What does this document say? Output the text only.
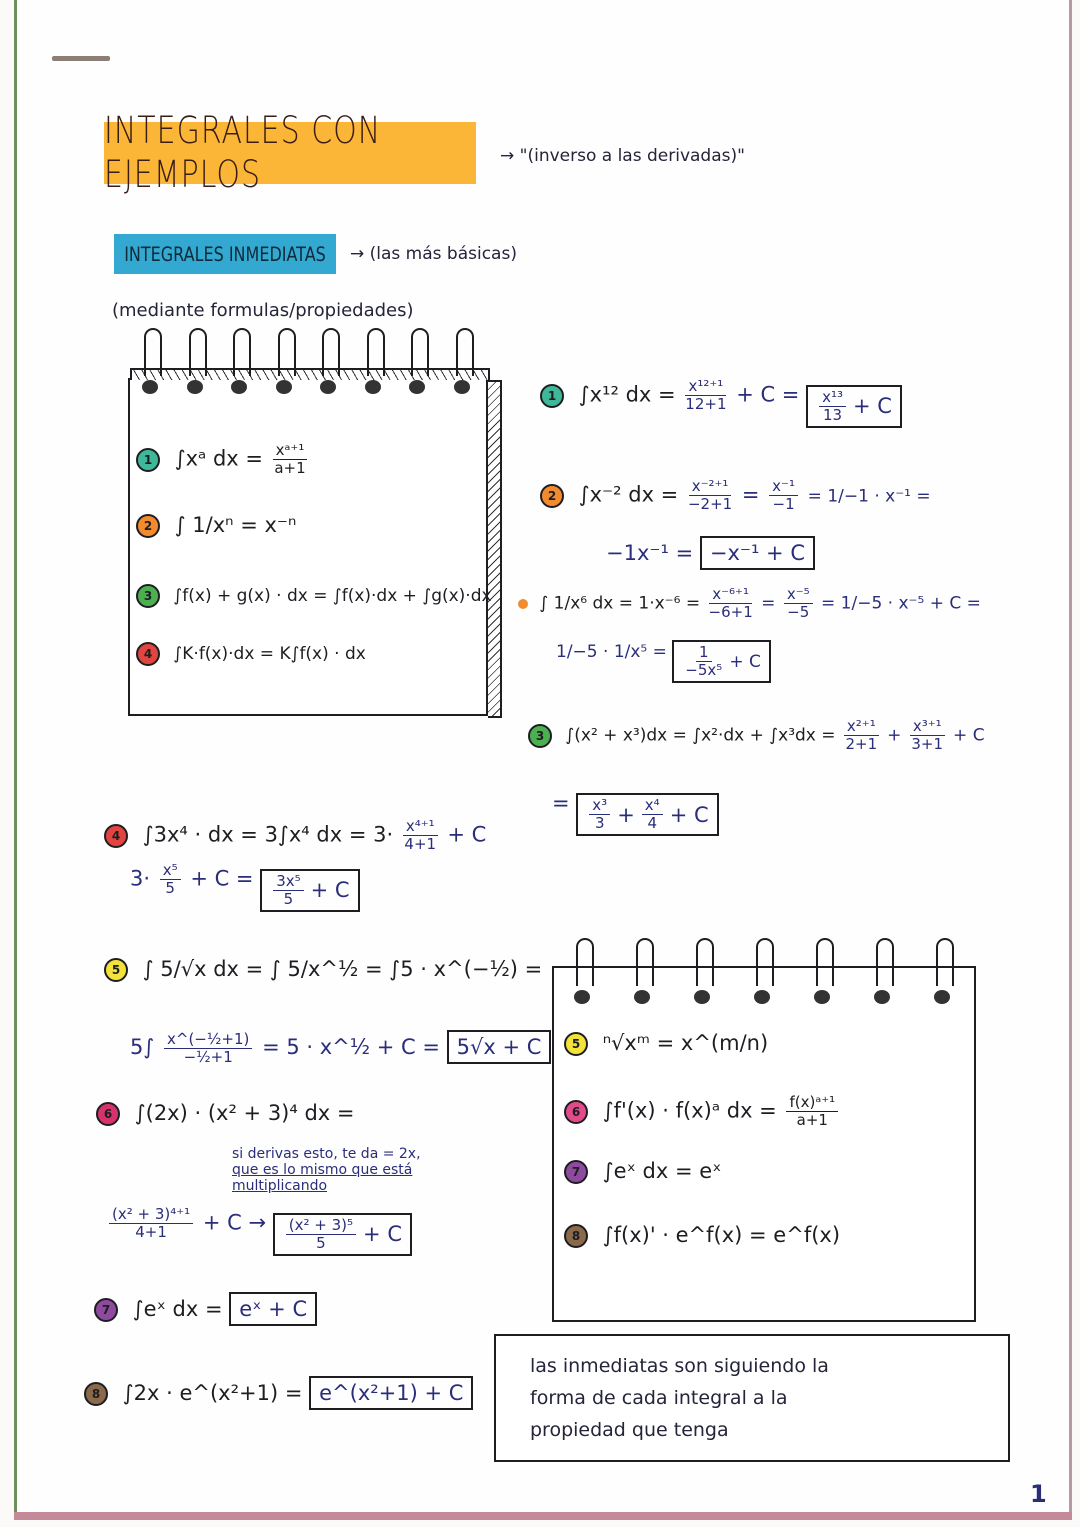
INTEGRALES CON EJEMPLOS	→ "(inverso a las derivadas)"
INTEGRALES INMEDIATAS → (las más básicas)
(mediante formulas/propiedades)
1 ∫xᵃ dx = $\frac{\text{xᵃ⁺¹}}{a+1}$
2 ∫ 1/xⁿ = x⁻ⁿ
3 ∫f(x) + g(x) · dx = ∫f(x)·dx + ∫g(x)·dx
4 ∫K·f(x)·dx = K∫f(x) · dx
1 ∫x¹² dx = $\frac{\text{x¹²⁺¹}}{12+1} + C = \frac{\text{x¹³}}{13} + C$
2 ∫x⁻² dx = $\frac{\text{x⁻²⁺¹}}{-2+1} = \frac{\text{x⁻¹}}{-1} = 1/-1 \cdot x^{-1}$ =
−1x⁻¹ = −x⁻¹ + C
∫ 1/x⁶ dx = $1\cdot x^{-6} = \frac{\text{x⁻⁶⁺¹}}{-6+1} = \frac{\text{x⁻⁵}}{-5} = 1/-5 \cdot x^{-5} + C$ =
$1/-5 \cdot 1/x^5 = \frac{1}{\text{−5x⁵}} + C$
3 $\int(x^2 + x^3)dx = \int x^2\cdot dx + \int x^3dx = \frac{\text{x²⁺¹}}{2+1} + \frac{\text{x³⁺¹}}{3+1} + C$
= $\frac{\text{x³}}{3} + \frac{\text{x⁴}}{4} + C$
4 ∫3x⁴ · dx = 3∫x⁴ dx = $3\cdot \frac{\text{x⁴⁺¹}}{4+1} + C$
$3\cdot \frac{\text{x⁵}}{5} + C = \frac{\text{3x⁵}}{5} + C$
5 ∫ 5/√x dx = ∫ 5/x^½ = ∫5 · x^(−½) =
$5\int \frac{\text{x\textasciicircum{}(−½+1)}}{\text{−½+1}} = 5$ · x^½ + C = 5√x + C
6 ∫(2x) · (x² + 3)⁴ dx =
si derivas esto, te da = 2x,
que es lo mismo que está
multiplicando
$\frac{\text{(x² + 3)⁴⁺¹}}{4+1} + C \to \frac{\text{(x² + 3)⁵}}{5} + C$
7 ∫eˣ dx = eˣ + C
8 ∫2x · e^(x²+1) = e^(x²+1) + C
5 ⁿ√xᵐ = x^(m/n)
6 ∫f'(x) · f(x)ᵃ dx = $\frac{\text{f(x)ᵃ⁺¹}}{a+1}$
7 ∫eˣ dx = eˣ
8 ∫f(x)' · e^f(x) = e^f(x)

las inmediatas son siguiendo la

forma de cada integral a la

propiedad que tenga

1
